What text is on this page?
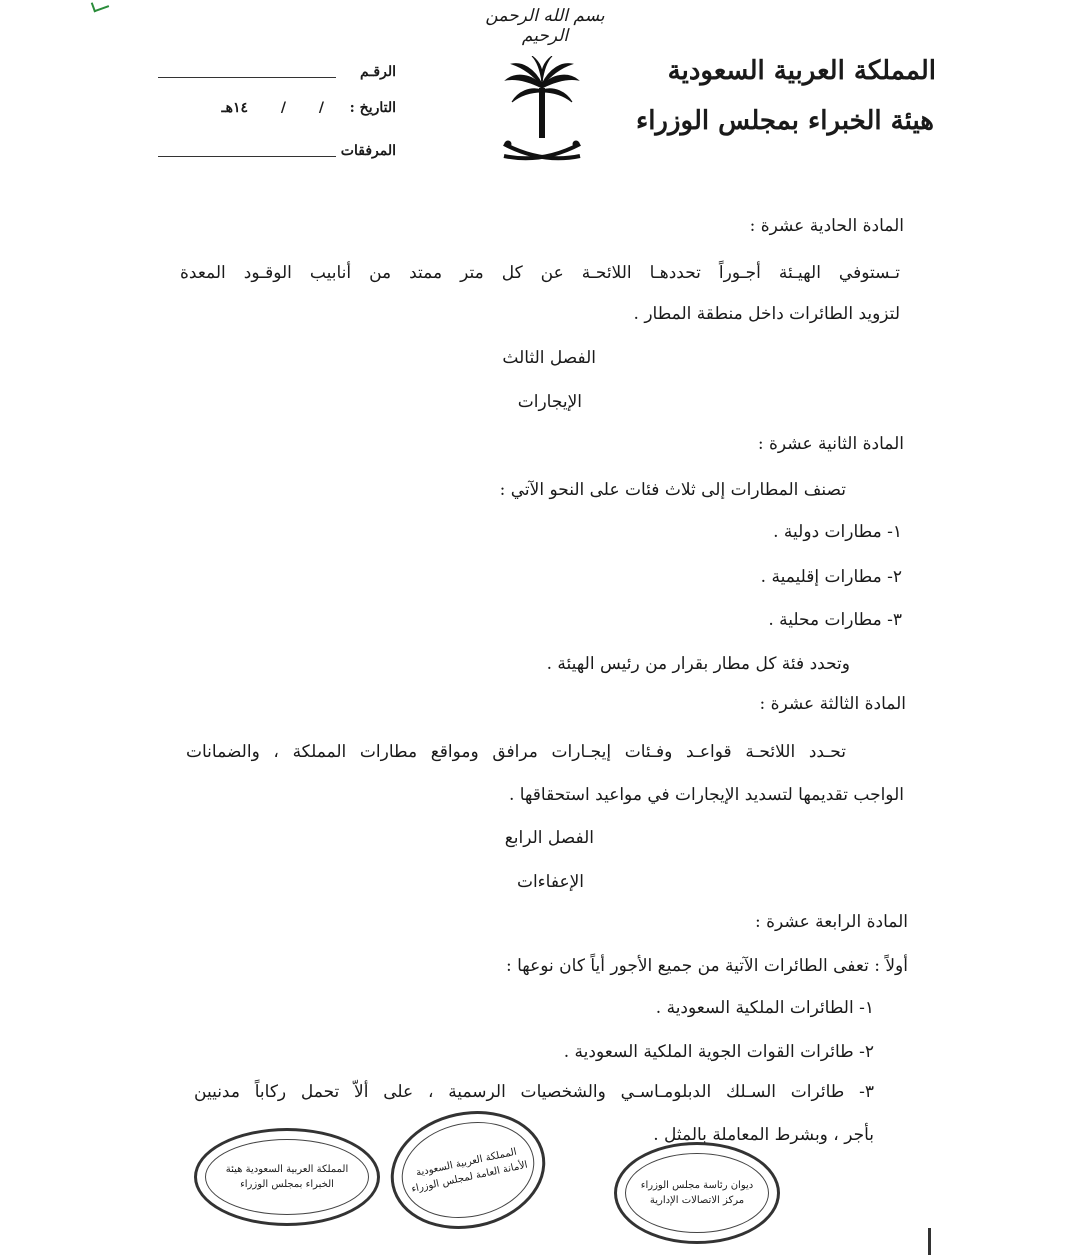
بسم الله الرحمن الرحيم
المملكة العربية السعودية
هيئة الخبراء بمجلس الوزراء
الرقـم
التاريخ :
/ / ١٤هـ
المرفقات
المادة الحادية عشرة :
تـستوفي الهيـئة أجـوراً تحددهـا اللائحـة عن كل متر ممتد من أنابيب الوقـود المعدة
لتزويد الطائرات داخل منطقة المطار .
الفصل الثالث
الإيجارات
المادة الثانية عشرة :
تصنف المطارات إلى ثلاث فئات على النحو الآتي :
١- مطارات دولية .
٢- مطارات إقليمية .
٣- مطارات محلية .
وتحدد فئة كل مطار بقرار من رئيس الهيئة .
المادة الثالثة عشرة :
تحـدد اللائحـة قواعـد وفـئات إيجـارات مرافق ومواقع مطارات المملكة ، والضمانات
الواجب تقديمها لتسديد الإيجارات في مواعيد استحقاقها .
الفصل الرابع
الإعفاءات
المادة الرابعة عشرة :
أولاً : تعفى الطائرات الآتية من جميع الأجور أياً كان نوعها :
١- الطائرات الملكية السعودية .
٢- طائرات القوات الجوية الملكية السعودية .
٣- طائرات السـلك الدبلومـاسـي والشخصيات الرسمية ، على ألاّ تحمل ركاباً مدنيين
بأجر ، وبشرط المعاملة بالمثل .
المملكة العربية السعودية هيئة الخبراء بمجلس الوزراء
المملكة العربية السعودية الأمانة العامة لمجلس الوزراء	ديوان رئاسة مجلس الوزراء مركز الاتصالات الإدارية
